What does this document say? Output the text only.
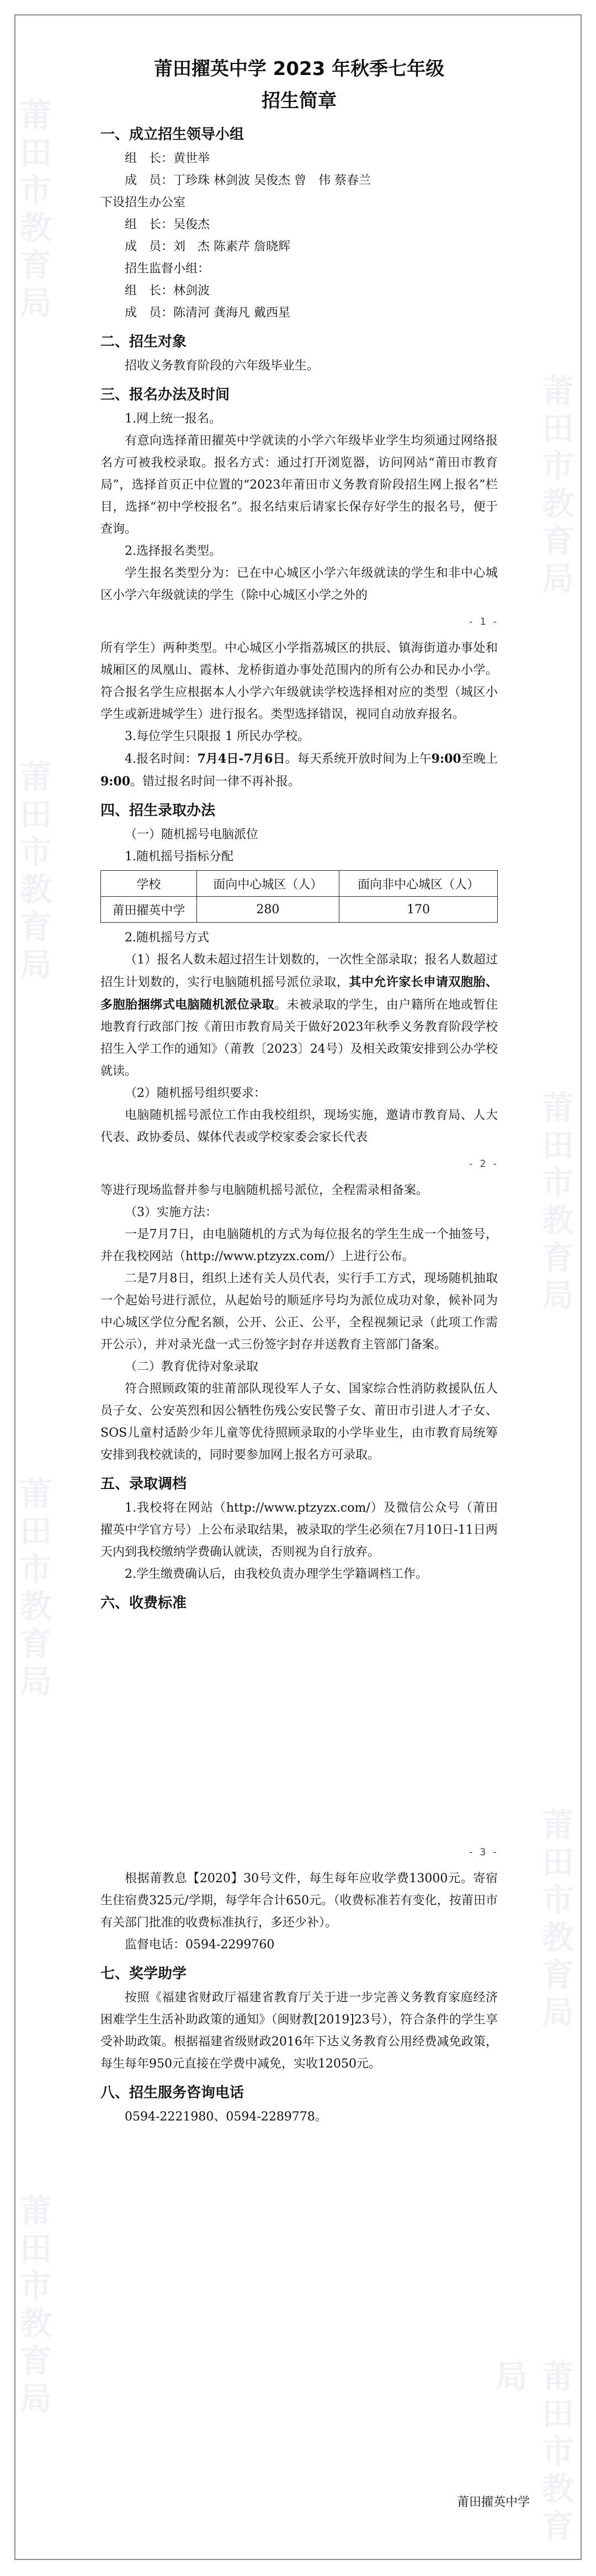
莆田市教育局
莆田市教育局
莆田市教育局
莆田市教育局
莆田市教育局
莆田市教育局
莆田市教育局
莆田市教育局
莆田擢英中学 2023 年秋季七年级
招生简章
一、成立招生领导小组
组　长：黄世举
成　员：丁珍珠 林剑波 吴俊杰 曾　伟 蔡春兰
下设招生办公室
组　长：吴俊杰
成　员：刘　杰 陈素芹 詹晓辉
招生监督小组：
组　长：林剑波
成　员：陈清河 龚海凡 戴西星
二、招生对象

招收义务教育阶段的六年级毕业生。

三、报名办法及时间

1.网上统一报名。

有意向选择莆田擢英中学就读的小学六年级毕业学生均须通过网络报名方可被我校录取。报名方式：通过打开浏览器，访问网站“莆田市教育局”，选择首页正中位置的“2023年莆田市义务教育阶段招生网上报名”栏目，选择“初中学校报名”。报名结束后请家长保存好学生的报名号，便于查询。

2.选择报名类型。

学生报名类型分为：已在中心城区小学六年级就读的学生和非中心城区小学六年级就读的学生（除中心城区小学之外的

- 1 -

所有学生）两种类型。中心城区小学指荔城区的拱辰、镇海街道办事处和城厢区的凤凰山、霞林、龙桥街道办事处范围内的所有公办和民办小学。符合报名学生应根据本人小学六年级就读学校选择相对应的类型（城区小学生或新进城学生）进行报名。类型选择错误，视同自动放弃报名。

3.每位学生只限报 1 所民办学校。

4.报名时间：7月4日-7月6日。每天系统开放时间为上午9:00至晚上9:00。错过报名时间一律不再补报。

四、招生录取办法

（一）随机摇号电脑派位

1.随机摇号指标分配

学校	面向中心城区（人）	面向非中心城区（人）
莆田擢英中学	280	170

2.随机摇号方式

（1）报名人数未超过招生计划数的，一次性全部录取；报名人数超过招生计划数的，实行电脑随机摇号派位录取，其中允许家长申请双胞胎、多胞胎捆绑式电脑随机派位录取。未被录取的学生，由户籍所在地或暂住地教育行政部门按《莆田市教育局关于做好2023年秋季义务教育阶段学校招生入学工作的通知》（莆教〔2023〕24号）及相关政策安排到公办学校就读。

（2）随机摇号组织要求：

电脑随机摇号派位工作由我校组织，现场实施，邀请市教育局、人大代表、政协委员、媒体代表或学校家委会家长代表

- 2 -

等进行现场监督并参与电脑随机摇号派位，全程需录相备案。

（3）实施方法：

一是7月7日，由电脑随机的方式为每位报名的学生生成一个抽签号，并在我校网站（http://www.ptzyzx.com/）上进行公布。

二是7月8日，组织上述有关人员代表，实行手工方式，现场随机抽取一个起始号进行派位，从起始号的顺延序号均为派位成功对象，候补同为中心城区学位分配名额，公开、公正、公平，全程视频记录（此项工作需开公示），并对录光盘一式三份签字封存并送教育主管部门备案。

（二）教育优待对象录取

符合照顾政策的驻莆部队现役军人子女、国家综合性消防救援队伍人员子女、公安英烈和因公牺牲伤残公安民警子女、莆田市引进人才子女、SOS儿童村适龄少年儿童等优待照顾录取的小学毕业生，由市教育局统筹安排到我校就读的，同时要参加网上报名方可录取。

五、录取调档

1.我校将在网站（http://www.ptzyzx.com/）及微信公众号（莆田擢英中学官方号）上公布录取结果，被录取的学生必须在7月10日-11日两天内到我校缴纳学费确认就读，否则视为自行放弃。

2.学生缴费确认后，由我校负责办理学生学籍调档工作。

六、收费标准
- 3 -

根据莆教息【2020】30号文件，每生每年应收学费13000元。寄宿生住宿费325元/学期，每学年合计650元。（收费标准若有变化，按莆田市有关部门批准的收费标准执行，多还少补）。

监督电话：0594-2299760

七、奖学助学

按照《福建省财政厅福建省教育厅关于进一步完善义务教育家庭经济困难学生生活补助政策的通知》（闽财教[2019]23号），符合条件的学生享受补助政策。根据福建省级财政2016年下达义务教育公用经费减免政策，每生每年950元直接在学费中减免，实收12050元。

八、招生服务咨询电话

0594-2221980、0594-2289778。

莆田擢英中学
